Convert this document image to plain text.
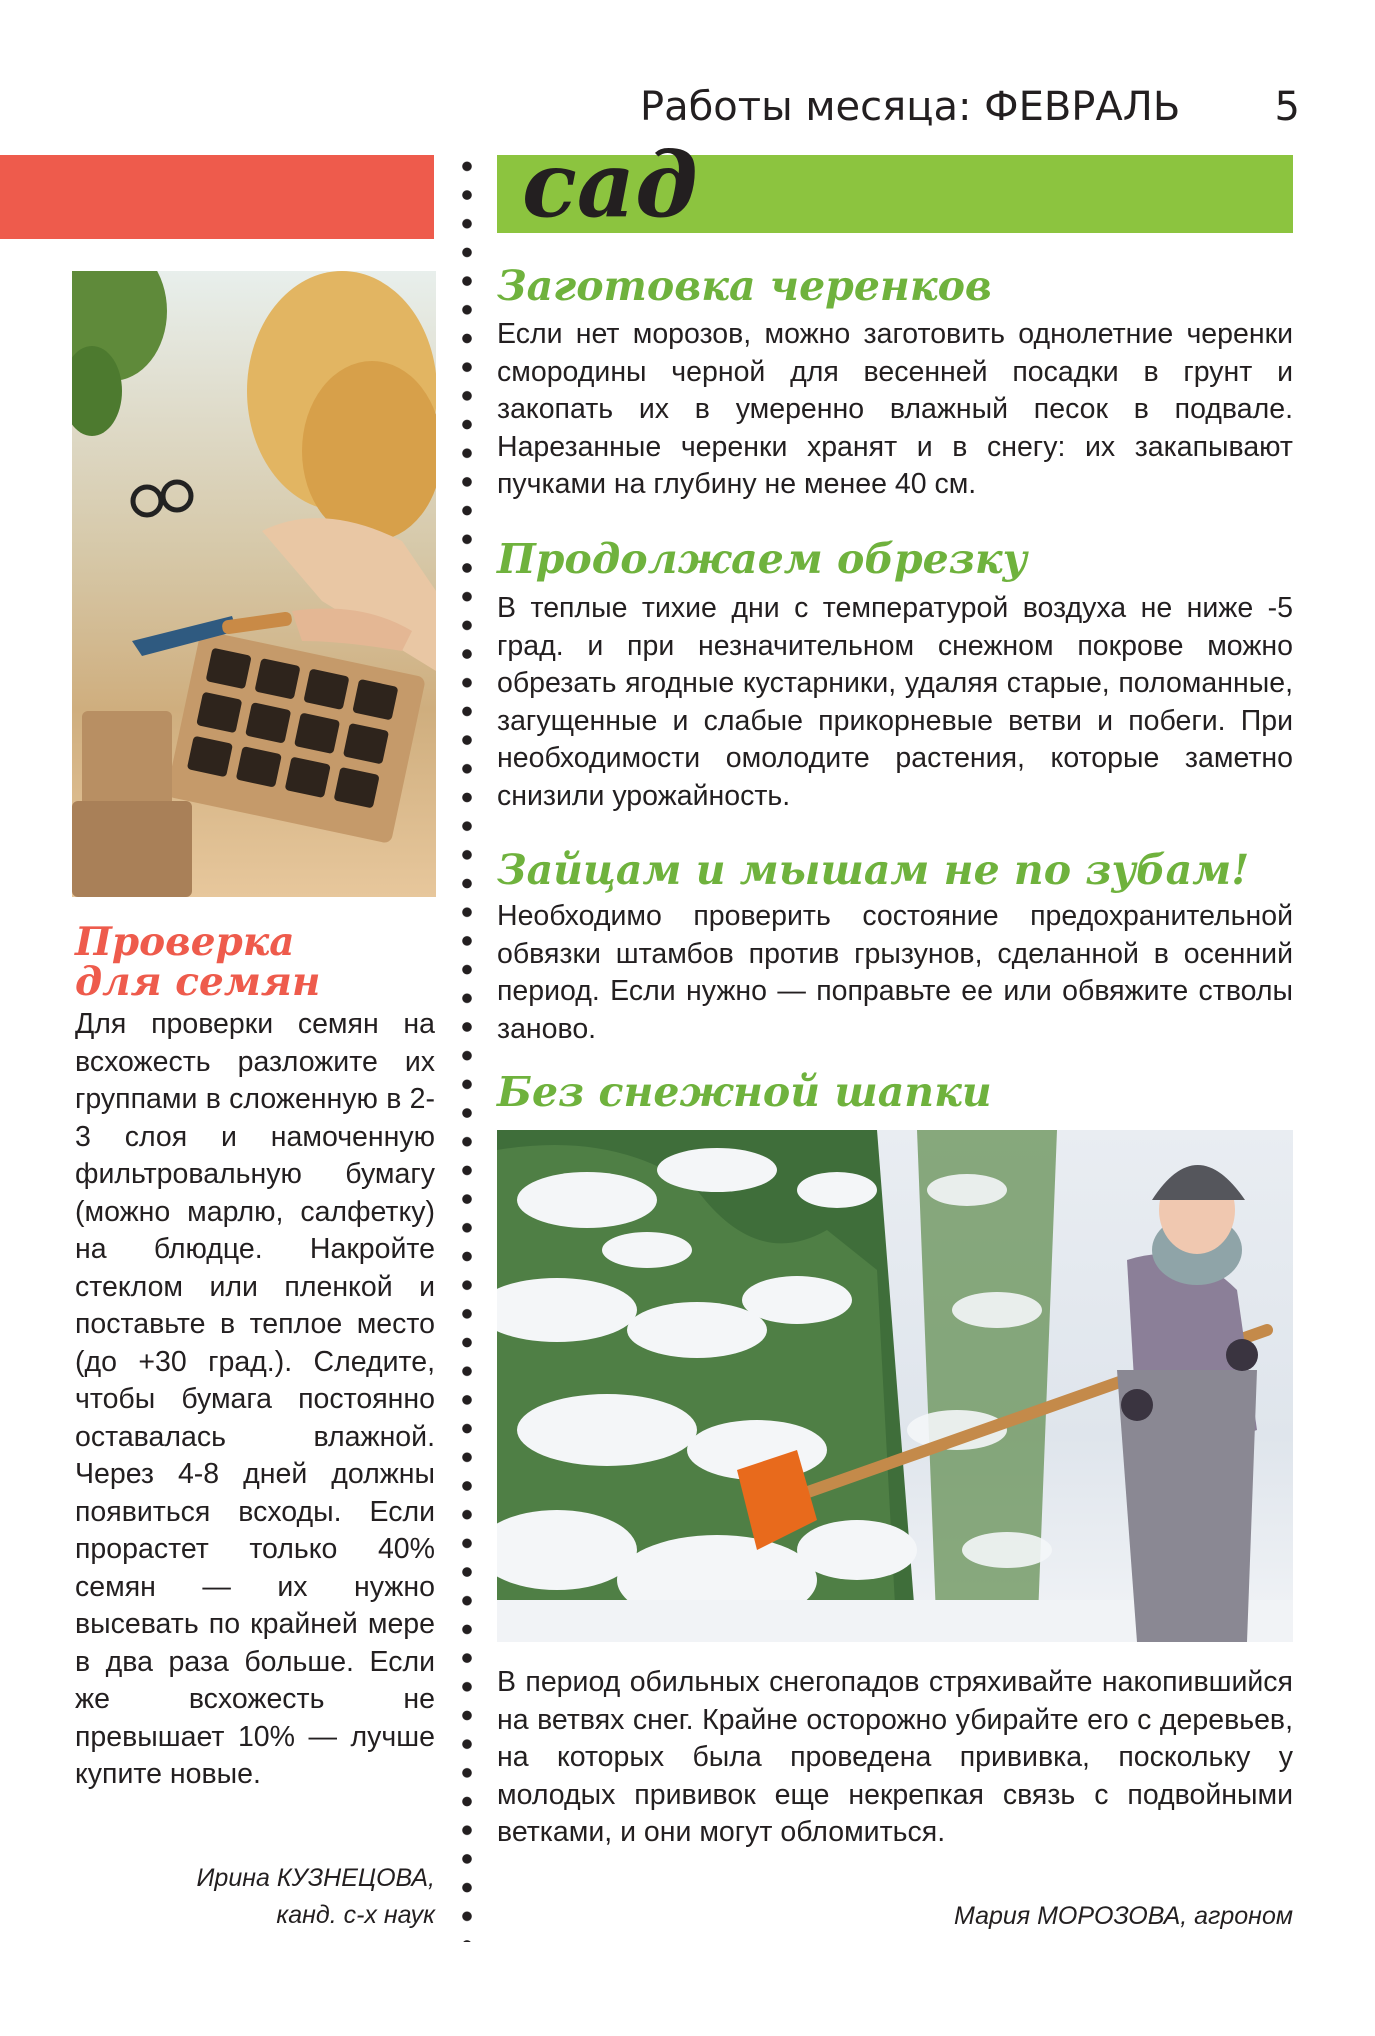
Работы месяца: ФЕВРАЛЬ 5
сад
Заготовка черенков
Если нет морозов, можно заготовить однолетние черенки смородины черной для весенней посадки в грунт и закопать их в умеренно влажный песок в подвале. Нарезанные черенки хранят и в снегу: их закапывают пучками на глубину не менее 40 см.
Продолжаем обрезку
В теплые тихие дни с температурой воздуха не ниже -5 град. и при незначительном снежном покрове можно обрезать ягодные кустарники, удаляя старые, поломанные, загущенные и слабые прикорневые ветви и побеги. При необходимости омолодите растения, которые заметно снизили урожайность.
Зайцам и мышам не по зубам!
Необходимо проверить состояние предохранительной обвязки штамбов против грызунов, сделанной в осенний период. Если нужно — поправьте ее или обвяжите стволы заново.
Без снежной шапки
В период обильных снегопадов стряхивайте накопившийся на ветвях снег. Крайне осторожно убирайте его с деревьев, на которых была проведена прививка, поскольку у молодых прививок еще некрепкая связь с подвойными ветками, и они могут обломиться.
Мария МОРОЗОВА, агроном
Проверка
для семян
Для проверки семян на всхожесть разложите их группами в сложенную в 2-3 слоя и намоченную фильтровальную бумагу (можно марлю, салфетку) на блюдце. Накройте стеклом или пленкой и поставьте в теплое место (до +30 град.). Следите, чтобы бумага постоянно оставалась влажной. Через 4-8 дней должны появиться всходы. Если прорастет только 40% семян — их нужно высевать по крайней мере в два раза больше. Если же всхожесть не превышает 10% — лучше купите новые.
Ирина КУЗНЕЦОВА,
канд. с-х наук
